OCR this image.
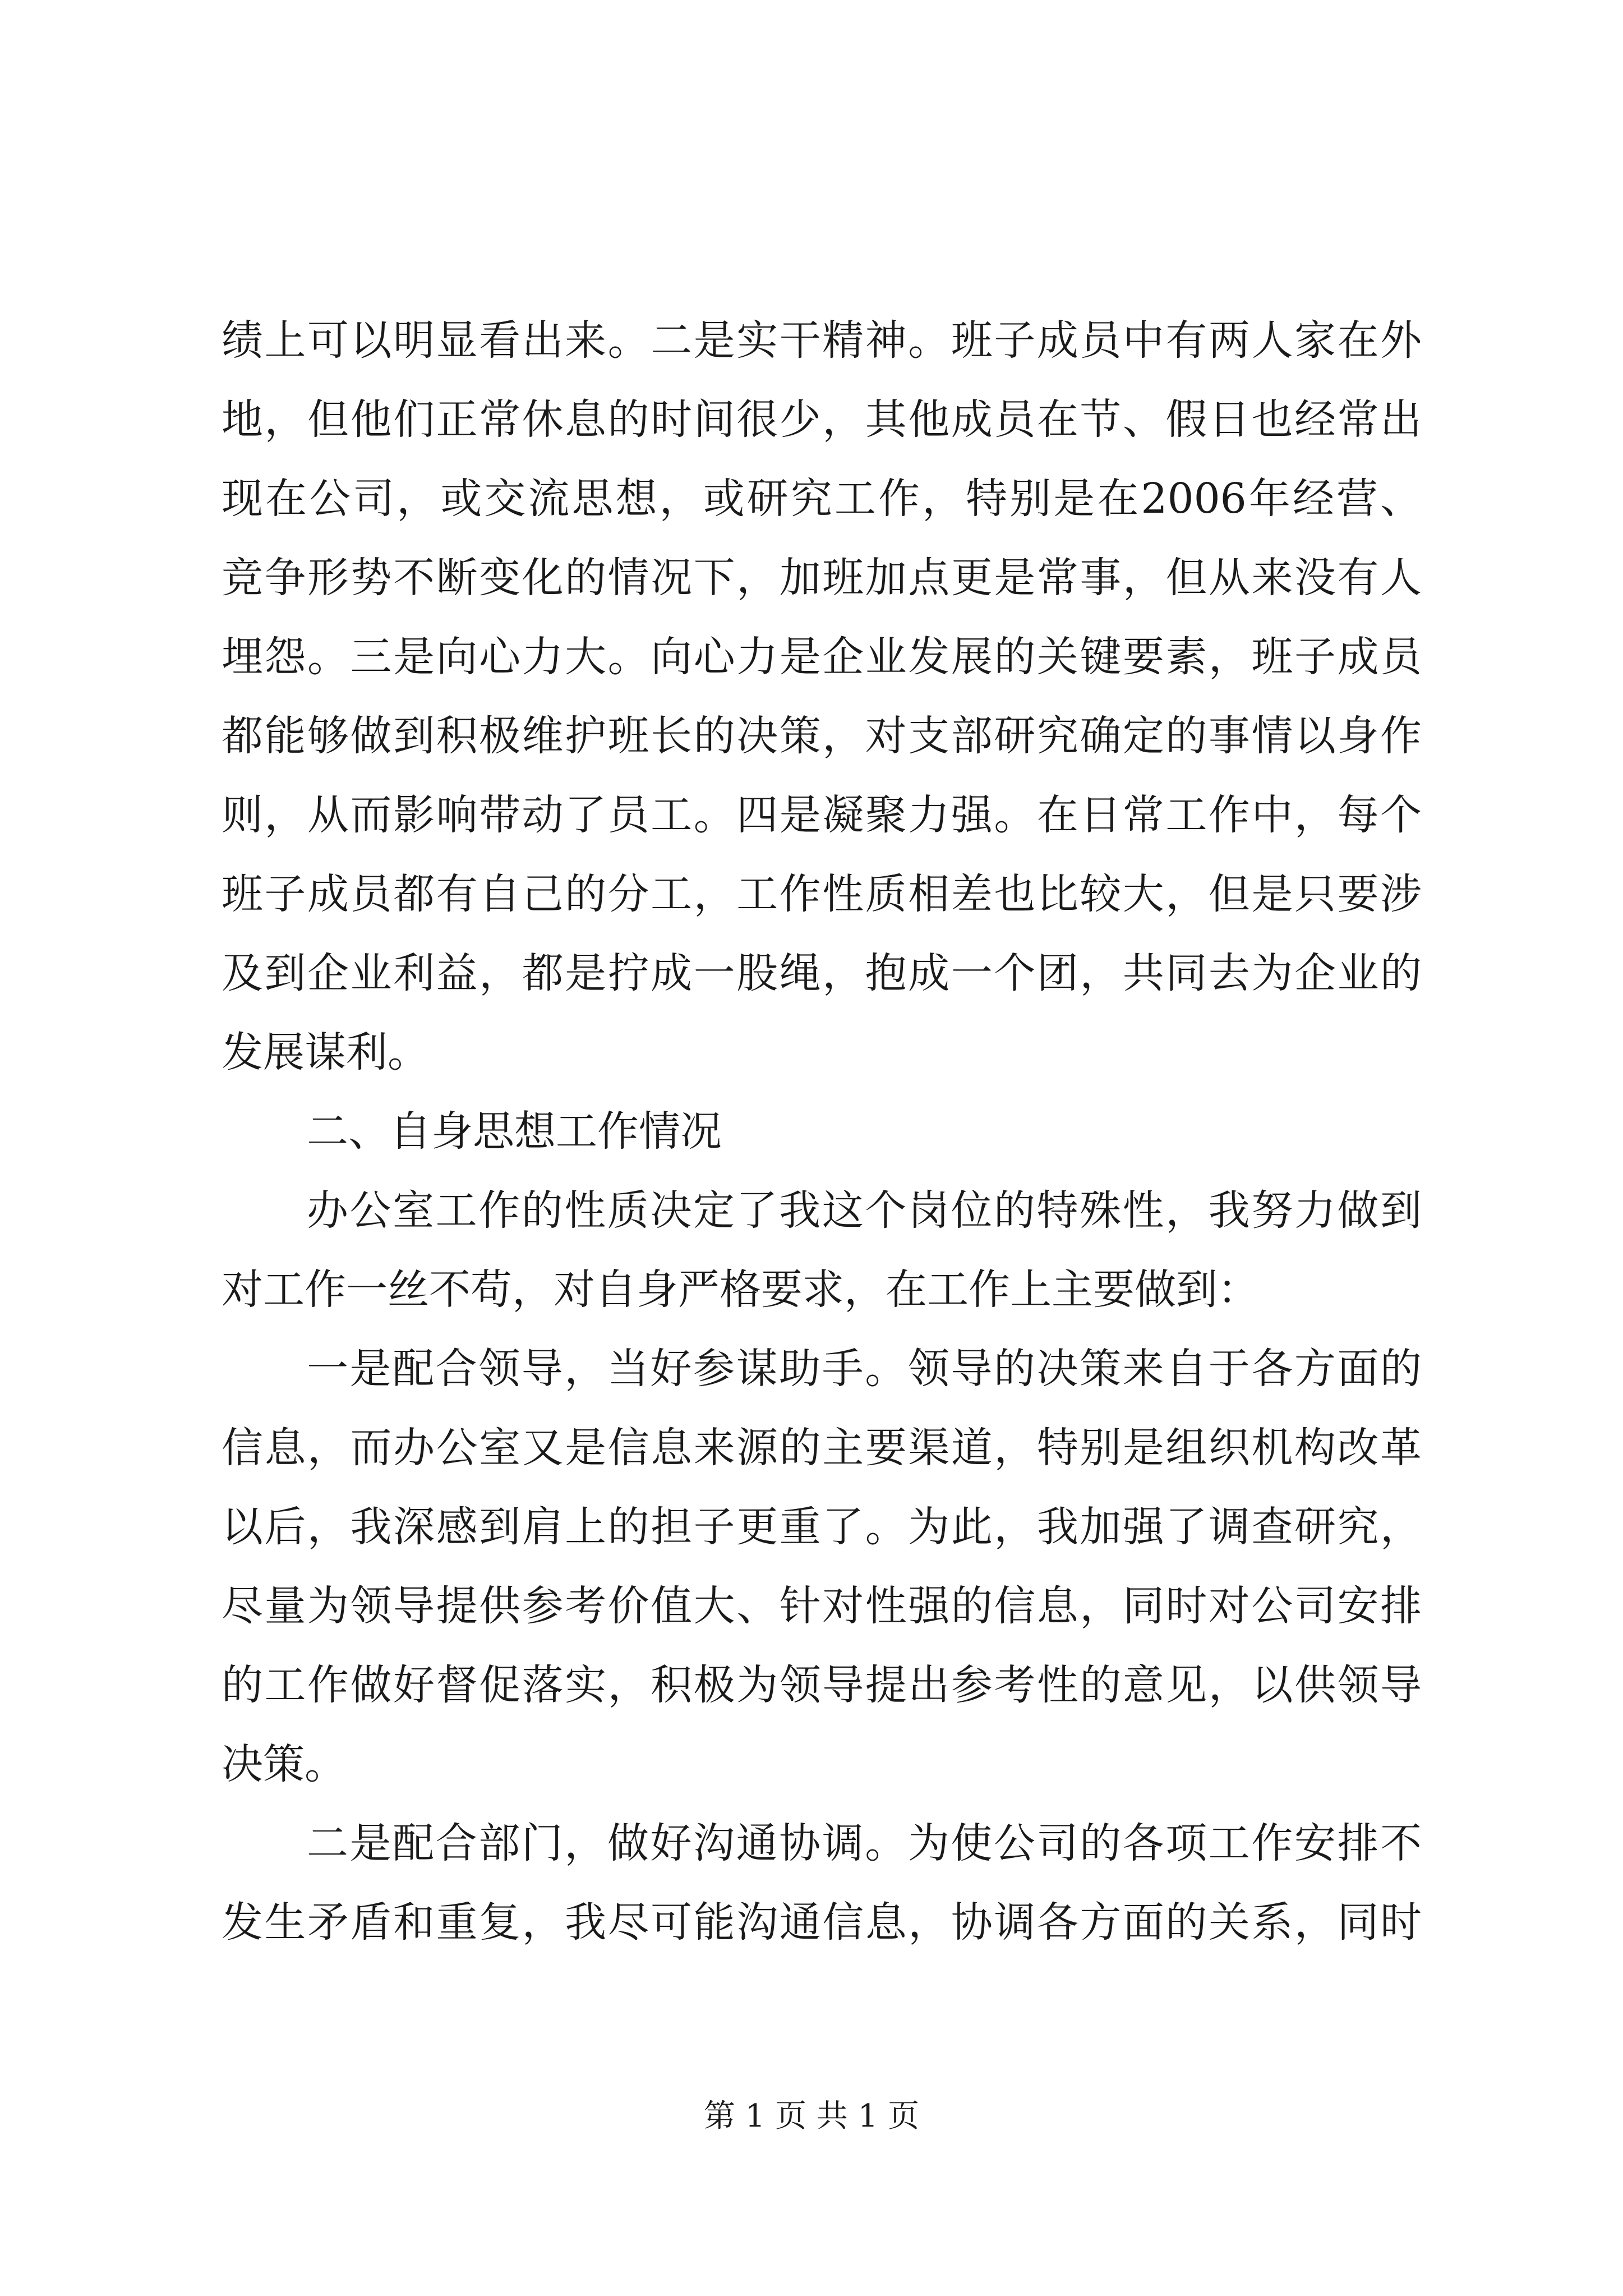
绩上可以明显看出来。二是实干精神。班子成员中有两人家在外
地，但他们正常休息的时间很少，其他成员在节、假日也经常出
现在公司，或交流思想，或研究工作，特别是在2006年经营、
竞争形势不断变化的情况下，加班加点更是常事，但从来没有人
埋怨。三是向心力大。向心力是企业发展的关键要素，班子成员
都能够做到积极维护班长的决策，对支部研究确定的事情以身作
则，从而影响带动了员工。四是凝聚力强。在日常工作中，每个
班子成员都有自己的分工，工作性质相差也比较大，但是只要涉
及到企业利益，都是拧成一股绳，抱成一个团，共同去为企业的
发展谋利。
二、自身思想工作情况
办公室工作的性质决定了我这个岗位的特殊性，我努力做到
对工作一丝不苟，对自身严格要求，在工作上主要做到：
一是配合领导，当好参谋助手。领导的决策来自于各方面的
信息，而办公室又是信息来源的主要渠道，特别是组织机构改革
以后，我深感到肩上的担子更重了。为此，我加强了调查研究，
尽量为领导提供参考价值大、针对性强的信息，同时对公司安排
的工作做好督促落实，积极为领导提出参考性的意见，以供领导
决策。
二是配合部门，做好沟通协调。为使公司的各项工作安排不
发生矛盾和重复，我尽可能沟通信息，协调各方面的关系，同时
第 1 页 共 1 页
